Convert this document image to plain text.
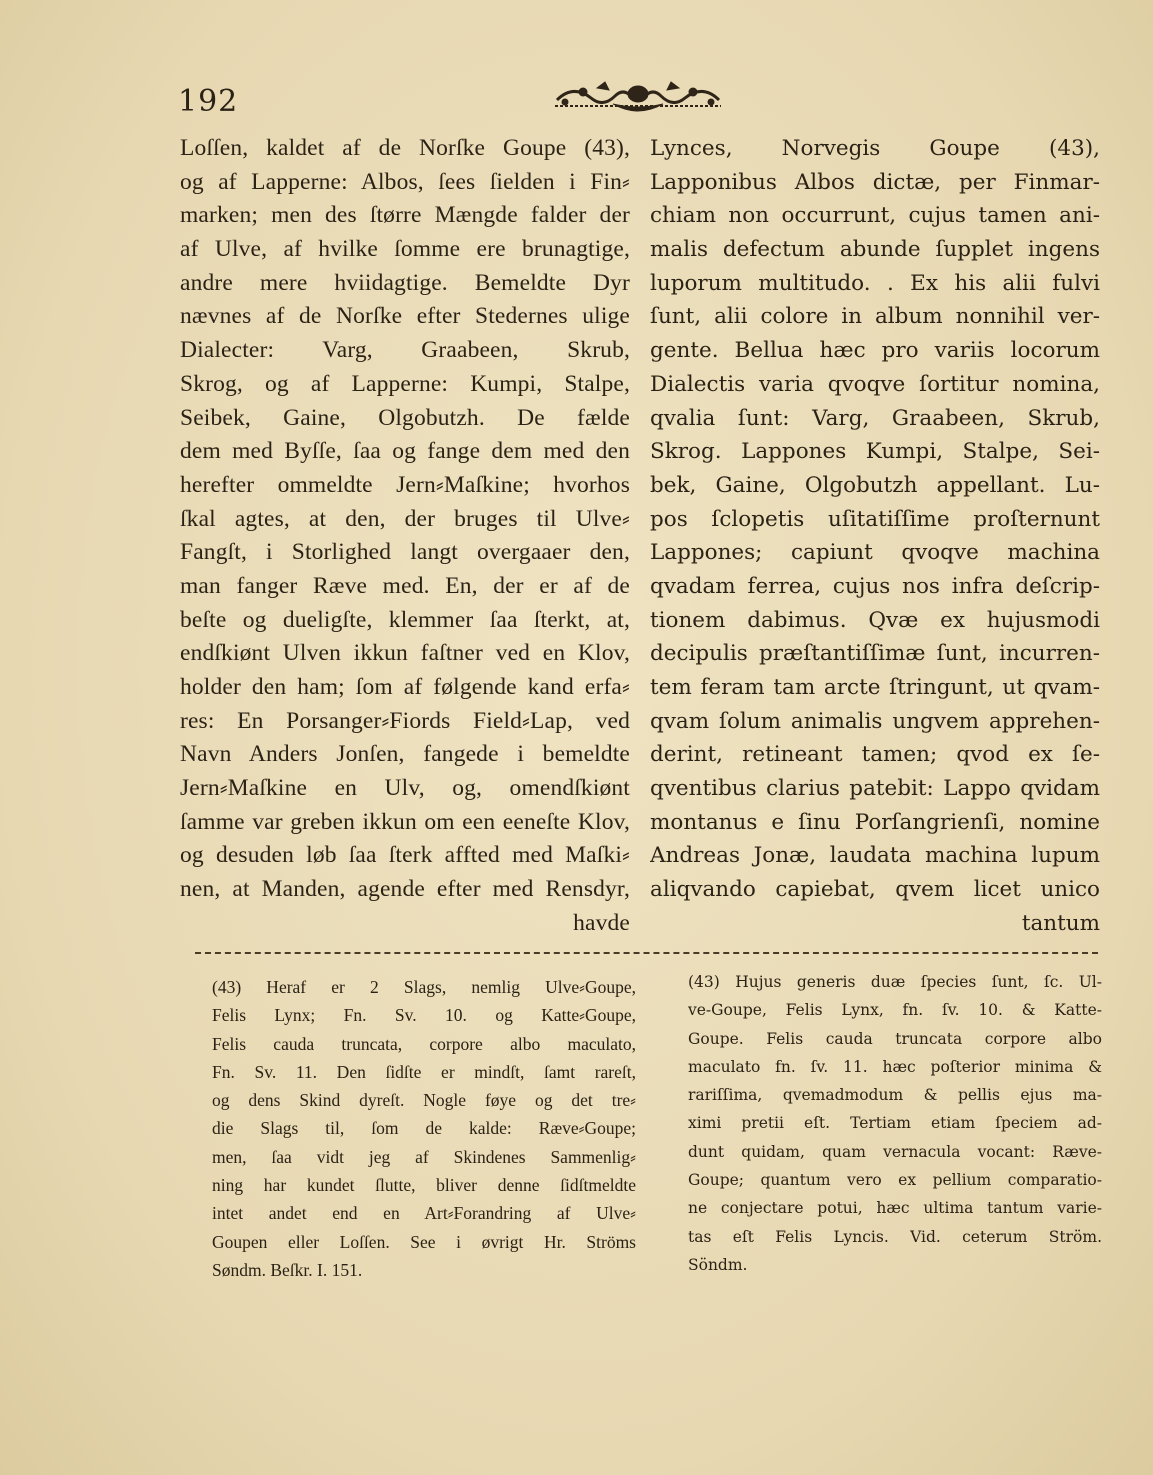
192
Loſſen, kaldet af de Norſke Goupe (43),
og af Lapperne: Albos, ſees ſielden i Fin⸗
marken; men des ſtørre Mængde falder der
af Ulve, af hvilke ſomme ere brunagtige,
andre mere hviidagtige. Bemeldte Dyr
nævnes af de Norſke efter Stedernes ulige
Dialecter: Varg, Graabeen, Skrub,
Skrog, og af Lapperne: Kumpi, Stalpe,
Seibek, Gaine, Olgobutzh. De fælde
dem med Byſſe, ſaa og fange dem med den
herefter ommeldte Jern⸗Maſkine; hvorhos
ſkal agtes, at den, der bruges til Ulve⸗
Fangſt, i Storlighed langt overgaaer den,
man fanger Ræve med. En, der er af de
beſte og dueligſte, klemmer ſaa ſterkt, at,
endſkiønt Ulven ikkun faſtner ved en Klov,
holder den ham; ſom af følgende kand erfa⸗
res: En Porsanger⸗Fiords Field⸗Lap, ved
Navn Anders Jonſen, fangede i bemeldte
Jern⸗Maſkine en Ulv, og, omendſkiønt
ſamme var greben ikkun om een eeneſte Klov,
og desuden løb ſaa ſterk affted med Maſki⸗
nen, at Manden, agende efter med Rensdyr,
havde
Lynces, Norvegis Goupe (43),
Lapponibus Albos dictæ, per Finmar-
chiam non occurrunt, cujus tamen ani-
malis defectum abunde ſupplet ingens
luporum multitudo. . Ex his alii fulvi
ſunt, alii colore in album nonnihil ver-
gente. Bellua hæc pro variis locorum
Dialectis varia qvoqve ſortitur nomina,
qvalia ſunt: Varg, Graabeen, Skrub,
Skrog. Lappones Kumpi, Stalpe, Sei-
bek, Gaine, Olgobutzh appellant. Lu-
pos ſclopetis uſitatiſſime proſternunt
Lappones; capiunt qvoqve machina
qvadam ferrea, cujus nos infra deſcrip-
tionem dabimus. Qvæ ex hujusmodi
decipulis præſtantiſſimæ ſunt, incurren-
tem feram tam arcte ſtringunt, ut qvam-
qvam ſolum animalis ungvem apprehen-
derint, retineant tamen; qvod ex ſe-
qventibus clarius patebit: Lappo qvidam
montanus e ſinu Porſangrienſi, nomine
Andreas Jonæ, laudata machina lupum
aliqvando capiebat, qvem licet unico
tantum
(43) Heraf er 2 Slags, nemlig Ulve⸗Goupe,
Felis Lynx; Fn. Sv. 10. og Katte⸗Goupe,
Felis cauda truncata, corpore albo maculato,
Fn. Sv. 11. Den ſidſte er mindſt, ſamt rareſt,
og dens Skind dyreſt. Nogle føye og det tre⸗
die Slags til, ſom de kalde: Ræve⸗Goupe;
men, ſaa vidt jeg af Skindenes Sammenlig⸗
ning har kundet ſlutte, bliver denne ſidſtmeldte
intet andet end en Art⸗Forandring af Ulve⸗
Goupen eller Loſſen. See i øvrigt Hr. Ströms
Søndm. Beſkr. I. 151.
(43) Hujus generis duæ ſpecies ſunt, ſc. Ul-
ve-Goupe, Felis Lynx, fn. ſv. 10. & Katte-
Goupe. Felis cauda truncata corpore albo
maculato fn. ſv. 11. hæc poſterior minima &
rariſſima, qvemadmodum & pellis ejus ma-
ximi pretii eſt. Tertiam etiam ſpeciem ad-
dunt quidam, quam vernacula vocant: Ræve-
Goupe; quantum vero ex pellium comparatio-
ne conjectare potui, hæc ultima tantum varie-
tas eſt Felis Lyncis. Vid. ceterum Ström.
Söndm.
